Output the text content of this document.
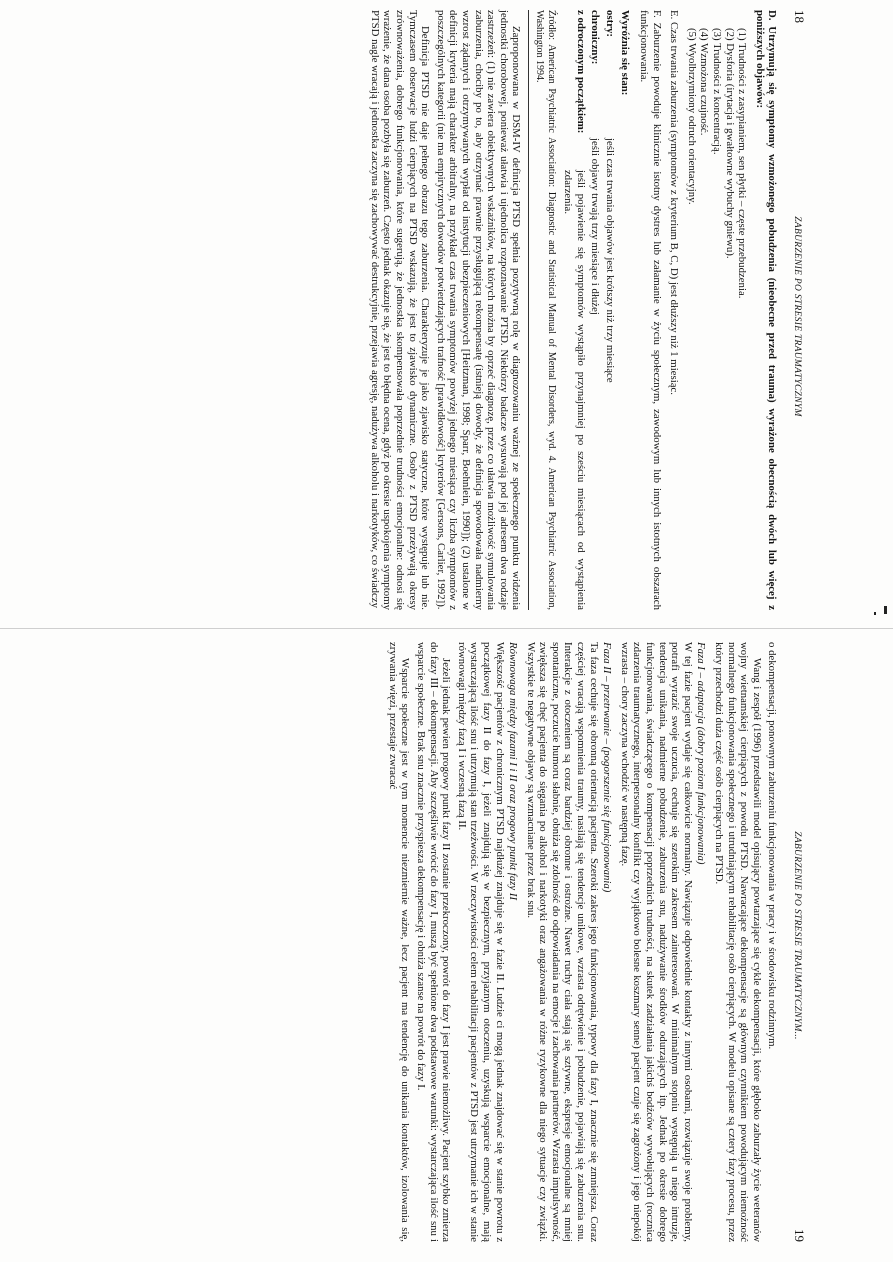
18
ZABURZENIE PO STRESIE TRAUMATYCZNYM

D. Utrzymują się symptomy wzmożonego pobudzenia (nieobecne przed trauma) wyrażone obecnością dwóch lub więcej z poniższych objawów:

(1) Trudności z zasypianiem, sen płytki – częste przebudzenia.
(2) Dysforia (irytacja i gwałtowne wybuchy gniewu).
(3) Trudności z koncentracją.
(4) Wzmożona czujność.
(5) Wyolbrzymiony odruch orientacyjny.

E. Czas trwania zaburzenia (symptomów z kryterium B, C, D) jest dłuższy niż 1 miesiąc.

F. Zaburzenie powoduje klinicznie istotny dystres lub załamanie w życiu społecznym, zawodowym lub innych istotnych obszarach funkcjonowania.

Wyróżnia się stan:

ostry:
jeśli czas trwania objawów jest krótszy niż trzy miesiące
chroniczny:
jeśli objawy trwają trzy miesiące i dłużej
z odroczonym początkiem:
jeśli pojawienie się symptomów wystąpiło przynajmniej po sześciu miesiącach od wystąpienia zdarzenia.

Źródło: American Psychiatric Association: Diagnostic and Statistical Manual of Mental Disorders, wyd. 4. American Psychiatric Association, Washington 1994.

Zaproponowana w DSM-IV definicja PTSD spełnia pozytywną rolę w diagnozowaniu ważnej ze społecznego punktu widzenia jednostki chorobowej, ponieważ ułatwia i ujednolica rozpoznawanie PTSD. Niektórzy badacze wysuwają pod jej adresem dwa rodzaje zastrzeżeń: (1) nie zawiera obiektywnych wskaźników, na których można by oprzeć diagnozę, przez co ułatwia możliwość symulowania zaburzenia, chociby po to, aby otrzymać prawnie przysługującą rekompensatę (istnieją dowody, że definicja spowodowała nadmierny wzrost żądanych i otrzymywanych wypłat od instytucji ubezpieczeniowych [Heitzman, 1998; Sparr, Boehnlein, 1990]); (2) ustalone w definicji kryteria mają charakter arbitralny, na przykład czas trwania symptomów powyżej jednego miesiąca czy liczba symptomów z poszczególnych kategorii (nie ma empirycznych dowodów potwierdzających trafność [prawidłowość] kryteriów [Gersons, Carlier, 1992]).

Definicja PTSD nie daje pełnego obrazu tego zaburzenia. Charakteryzuje je jako zjawisko statyczne, które występuje lub nie. Tymczasem obserwacje ludzi cierpiących na PTSD wskazują, że jest to zjawisko dynamiczne. Osoby z PTSD przeżywają okresy zrównoważenia, dobrego funkcjonowania, które sugerują, że jednostka skompensowała poprzednie trudności emocjonalne: odnosi się wrażenie, że dana osoba pozbyła się zaburzeń. Często jednak okazuje się, że jest to błędna ocena, gdyż po okresie uspokojenia symptomy PTSD nagle wracają i jednostka zaczyna się zachowywać destrukcyjnie, przejawia agresję, nadużywa alkoholu i narkotyków, co świadczy

ZABURZENIE PO STRESIE TRAUMATYCZNYM...
19

o dekompensacji, ponownym zaburzeniu funkcjonowania w pracy i w środowisku rodzinnym.

Wang i zespół (1996) przedstawili model opisujący powtarzające się cykle dekompensacji, które głęboko zaburzały życie weteranów wojny wietnamskiej cierpiących z powodu PTSD. Nawracające dekompensacje są głównym czynnikiem powodującym niemożność normalnego funkcjonowania społecznego i utrudniającym rehabilitację osób cierpiących. W modelu opisane są cztery fazy procesu, przez który przechodzi duża część osób cierpiących na PTSD.

Faza I – adaptacja (dobry poziom funkcjonowania)

W tej fazie pacjent wydaje się całkowicie normalny. Nawiązuje odpowiednie kontakty z innymi osobami, rozwiązuje swoje problemy, potrafi wyrazić swoje uczucia, cechuje się szerokim zakresem zainteresowań. W minimalnym stopniu występują u niego intruzje, tendencja unikania, nadmierne pobudzenie, zaburzenia snu, nadużywanie środków odurzających itp. Jednak po okresie dobrego funkcjonowania, świadczącego o kompensacji poprzednich trudności, na skutek zadziałania jakichś bodźców wywołujących (rocznica zdarzenia traumatycznego, interpersonalny konflikt czy wyjątkowo bolesne koszmary senne) pacjent czuje się zagrożony i jego niepokój wzrasta – chory zaczyna wchodzić w następną fazę.

Faza II – przetrwanie – (pogorszenie się funkcjonowania)

Ta faza cechuje się obronną orientacją pacjenta. Szeroki zakres jego funkcjonowania, typowy dla fazy I, znacznie się zmniejsza. Coraz częściej wracają wspomnienia traumy, nasilają się tendencje unikowe, wzrasta odrętwienie i pobudzenie, pojawiają się zaburzenia snu. Interakcje z otoczeniem są coraz bardziej obronne i ostrożne. Nawet ruchy ciała stają się sztywne, ekspresje emocjonalne są mniej spontaniczne, poczucie humoru słabnie, obniża się zdolność do odpowiadania na emocje i zachowania partnerów. Wzrasta impulsywność, zwiększa się chęć pacjenta do sięgania po alkohol i narkotyki oraz angażowania w różne ryzykowne dla niego sytuacje czy związki. Wszystkie te negatywne objawy są wzmacniane przez brak snu.

Równowaga między fazami I i II oraz progowy punkt fazy II

Większość pacjentów z chronicznym PTSD najdłużej znajduje się w fazie II. Ludzie ci mogą jednak znajdować się w stanie powrotu z początkowej fazy II do fazy I, jeżeli znajdują się w bezpiecznym, przyjaznym otoczeniu, uzyskują wsparcie emocjonalne, mają wystarczającą ilość snu i utrzymują stan trzeźwości. W rzeczywistości celem rehabilitacji pacjentów z PTSD jest utrzymanie ich w stanie równowagi między fazą I i wczesną fazą II.

Jeżeli jednak pewien progowy punkt fazy II zostanie przekroczony, powrót do fazy I jest prawie niemożliwy. Pacjent szybko zmierza do fazy III – dekompensacji. Aby szczęśliwie wrócić do fazy I, muszą być spełnione dwa podstawowe warunki: wystarczająca ilość snu i wsparcie społeczne. Brak snu znacznie przyspiesza dekompensację i obniża szanse na powrót do fazy I.

Wsparcie społeczne jest w tym momencie niezmiernie ważne, lecz pacjent ma tendencję do unikania kontaktów, izolowania się, zrywania więzi, przestaje zwracać
